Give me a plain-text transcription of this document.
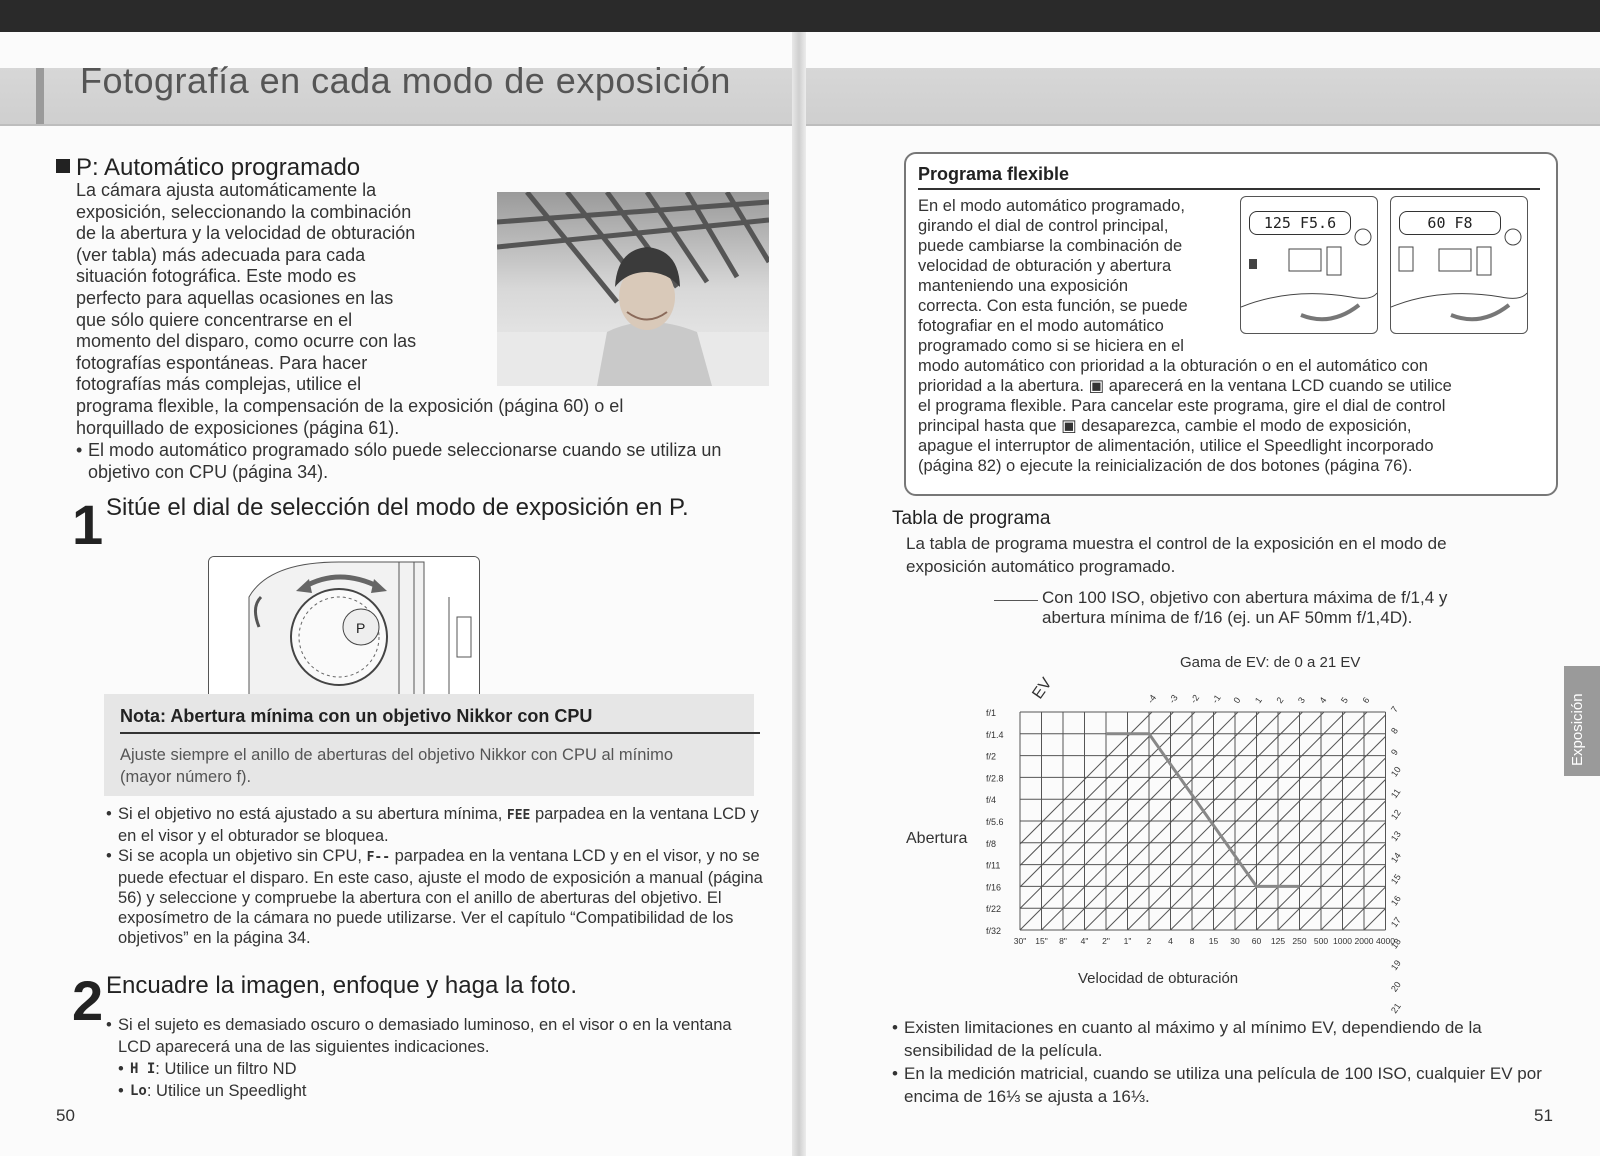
Fotografía en cada modo de exposición
P: Automático programado

La cámara ajusta automáticamente la

exposición, seleccionando la combinación

de la abertura y la velocidad de obturación

(ver tabla) más adecuada para cada

situación fotográfica. Este modo es

perfecto para aquellas ocasiones en las

que sólo quiere concentrarse en el

momento del disparo, como ocurre con las

fotografías espontáneas. Para hacer

fotografías más complejas, utilice el

programa flexible, la compensación de la exposición (página 60) o el

horquillado de exposiciones (página 61).

• El modo automático programado sólo puede seleccionarse cuando se utiliza un objetivo con CPU (página 34).
1 Sitúe el dial de selección del modo de exposición en P.
P
Nota: Abertura mínima con un objetivo Nikkor con CPU
Ajuste siempre el anillo de aberturas del objetivo Nikkor con CPU al mínimo (mayor número f).
• Si el objetivo no está ajustado a su abertura mínima, FEE parpadea en la ventana LCD y en el visor y el obturador se bloquea.
• Si se acopla un objetivo sin CPU, F-- parpadea en la ventana LCD y en el visor, y no se puede efectuar el disparo. En este caso, ajuste el modo de exposición a manual (página 56) y seleccione y compruebe la abertura con el anillo de aberturas del objetivo. El exposímetro de la cámara no puede utilizarse. Ver el capítulo “Compatibilidad de los objetivos” en la página 34.
2 Encuadre la imagen, enfoque y haga la foto.
• Si el sujeto es demasiado oscuro o demasiado luminoso, en el visor o en la ventana LCD aparecerá una de las siguientes indicaciones.
• H I : Utilice un filtro ND
• Lo : Utilice un Speedlight
50
Programa flexible

En el modo automático programado,

girando el dial de control principal,

puede cambiarse la combinación de

velocidad de obturación y abertura

manteniendo una exposición

correcta. Con esta función, se puede

fotografiar en el modo automático

programado como si se hiciera en el

modo automático con prioridad a la obturación o en el automático con

prioridad a la abertura. ▣ aparecerá en la ventana LCD cuando se utilice

el programa flexible. Para cancelar este programa, gire el dial de control

principal hasta que ▣ desaparezca, cambie el modo de exposición,

apague el interruptor de alimentación, utilice el Speedlight incorporado

(página 82) o ejecute la reinicialización de dos botones (página 76).

125 F5.6	60 F8
Tabla de programa

La tabla de programa muestra el control de la exposición en el modo de

exposición automático programado.

Con 100 ISO, objetivo con abertura máxima de f/1,4 y

abertura mínima de f/16 (ej. un AF 50mm f/1,4D).

Gama de EV: de 0 a 21 EV
Abertura
Velocidad de obturación
-4 -3 -2 -1 0 1 2 3 4 5 6
7
8
9
10
11
12
13
14
15
16
17
18
19
20
21
EV
f/1
f/1.4
f/2
f/2.8
f/4
f/5.6
f/8
f/11
f/16
f/22
f/32
30" 15" 8" 4" 2" 1" 2 4 8 15 30 60 125 250 500 1000 2000 4000
• Existen limitaciones en cuanto al máximo y al mínimo EV, dependiendo de la sensibilidad de la película.
• En la medición matricial, cuando se utiliza una película de 100 ISO, cualquier EV por encima de 16⅓ se ajusta a 16⅓.
Exposición
51
